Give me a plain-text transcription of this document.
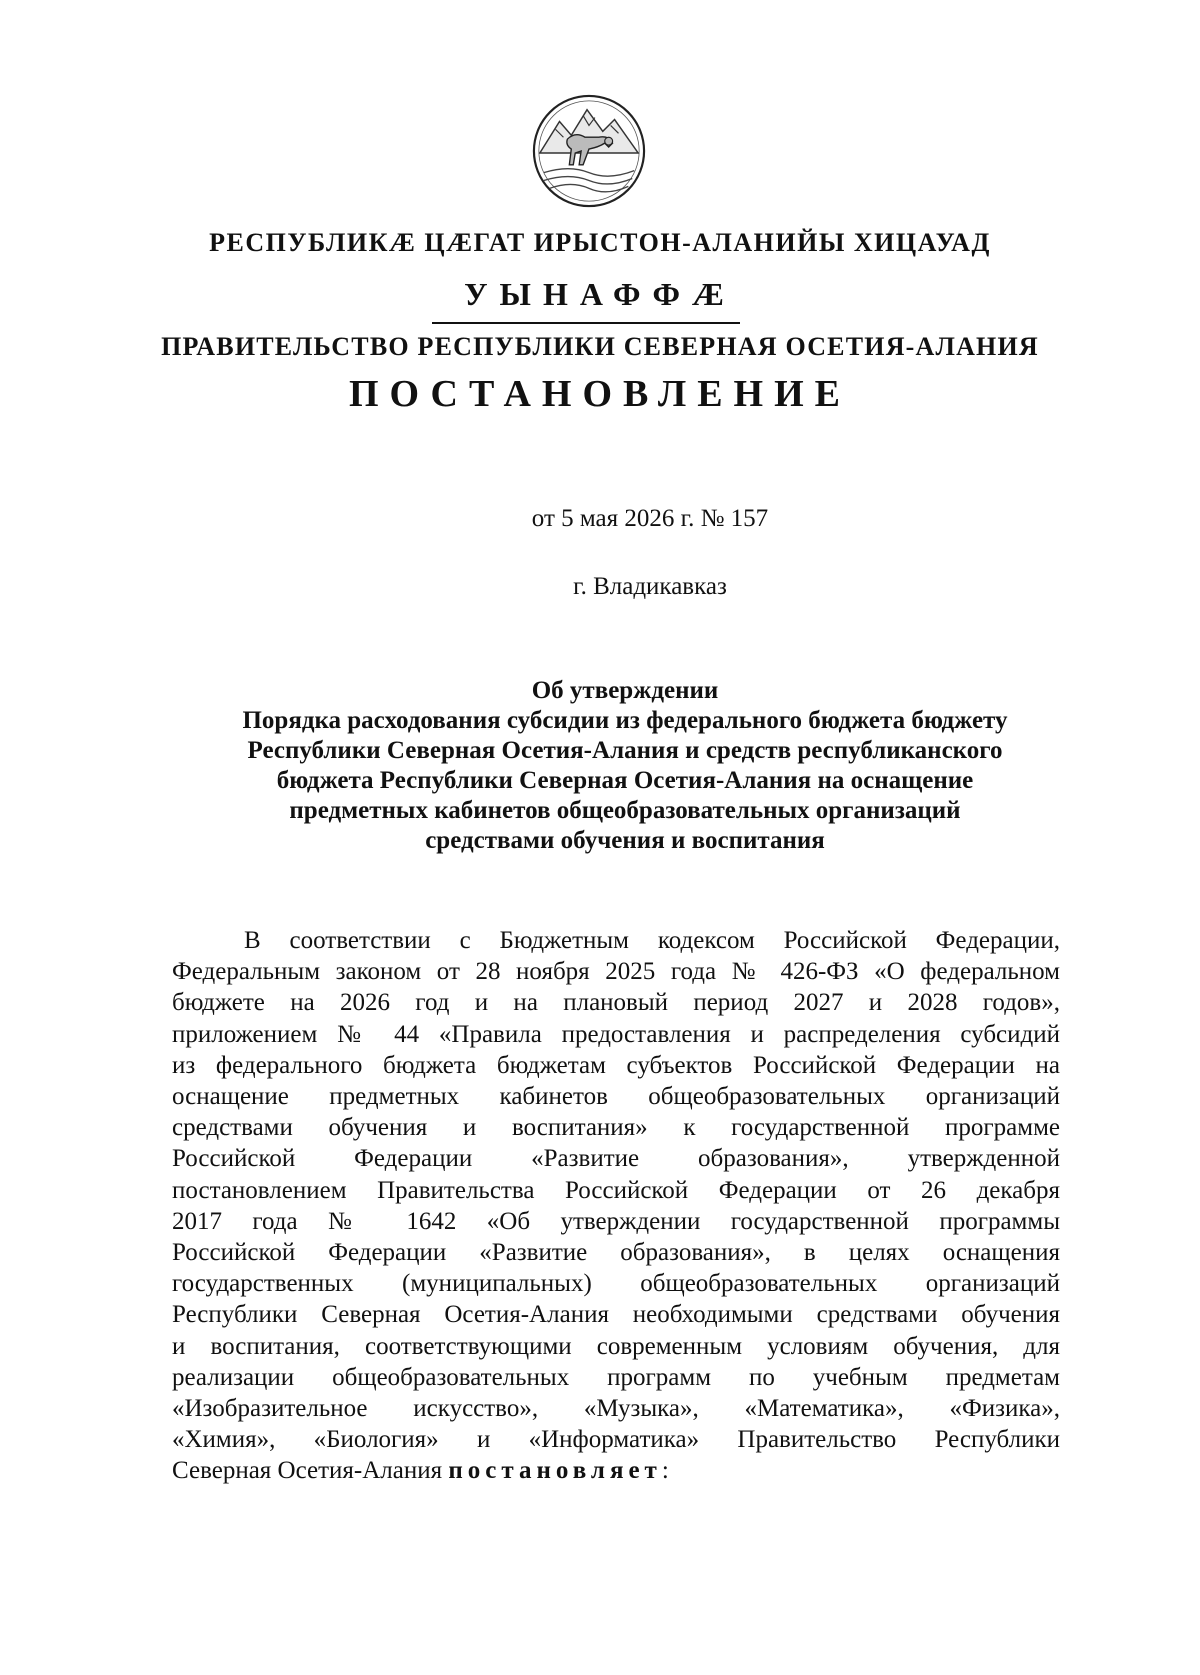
РЕСПУБЛИКӔ ЦӔГАТ ИРЫСТОН-АЛАНИЙЫ ХИЦАУАД
УЫНАФФӔ
ПРАВИТЕЛЬСТВО РЕСПУБЛИКИ СЕВЕРНАЯ ОСЕТИЯ-АЛАНИЯ
ПОСТАНОВЛЕНИЕ
от 5 мая 2026 г. № 157
г. Владикавказ
Об утверждении
Порядка расходования субсидии из федерального бюджета бюджету
Республики Северная Осетия-Алания и средств республиканского
бюджета Республики Северная Осетия-Алания на оснащение
предметных кабинетов общеобразовательных организаций
средствами обучения и воспитания
В соответствии с Бюджетным кодексом Российской Федерации,
Федеральным законом от 28 ноября 2025 года № 426-ФЗ «О федеральном
бюджете на 2026 год и на плановый период 2027 и 2028 годов»,
приложением № 44 «Правила предоставления и распределения субсидий
из федерального бюджета бюджетам субъектов Российской Федерации на
оснащение предметных кабинетов общеобразовательных организаций
средствами обучения и воспитания» к государственной программе
Российской Федерации «Развитие образования», утвержденной
постановлением Правительства Российской Федерации от 26 декабря
2017 года № 1642 «Об утверждении государственной программы
Российской Федерации «Развитие образования», в целях оснащения
государственных (муниципальных) общеобразовательных организаций
Республики Северная Осетия-Алания необходимыми средствами обучения
и воспитания, соответствующими современным условиям обучения, для
реализации общеобразовательных программ по учебным предметам
«Изобразительное искусство», «Музыка», «Математика», «Физика»,
«Химия», «Биология» и «Информатика» Правительство Республики
Северная Осетия-Алания постановляет:
